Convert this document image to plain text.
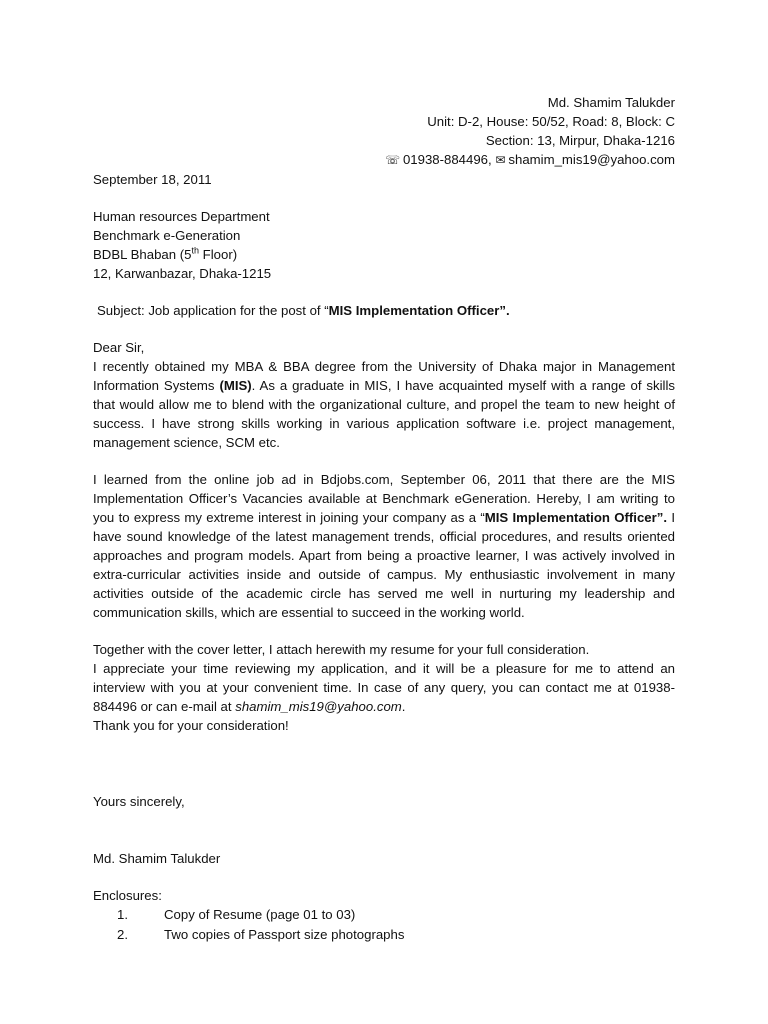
Md. Shamim Talukder
Unit: D-2, House: 50/52, Road: 8, Block: C
Section: 13, Mirpur, Dhaka-1216
☏ 01938-884496, ✉ shamim_mis19@yahoo.com
September 18, 2011
Human resources Department
Benchmark e-Generation
BDBL Bhaban (5th Floor)
12, Karwanbazar, Dhaka-1215
Subject: Job application for the post of “MIS Implementation Officer”.
Dear Sir,
I recently obtained my MBA & BBA degree from the University of Dhaka major in Management Information Systems (MIS). As a graduate in MIS, I have acquainted myself with a range of skills that would allow me to blend with the organizational culture, and propel the team to new height of success. I have strong skills working in various application software i.e. project management, management science, SCM etc.
I learned from the online job ad in Bdjobs.com, September 06, 2011 that there are the MIS Implementation Officer’s Vacancies available at Benchmark eGeneration. Hereby, I am writing to you to express my extreme interest in joining your company as a “MIS Implementation Officer”. I have sound knowledge of the latest management trends, official procedures, and results oriented approaches and program models. Apart from being a proactive learner, I was actively involved in extra-curricular activities inside and outside of campus. My enthusiastic involvement in many activities outside of the academic circle has served me well in nurturing my leadership and communication skills, which are essential to succeed in the working world.
Together with the cover letter, I attach herewith my resume for your full consideration.
I appreciate your time reviewing my application, and it will be a pleasure for me to attend an interview with you at your convenient time. In case of any query, you can contact me at 01938-884496 or can e-mail at shamim_mis19@yahoo.com.
Thank you for your consideration!
Yours sincerely,
Md. Shamim Talukder
Enclosures:
1.	Copy of Resume (page 01 to 03)
2.	Two copies of Passport size photographs
